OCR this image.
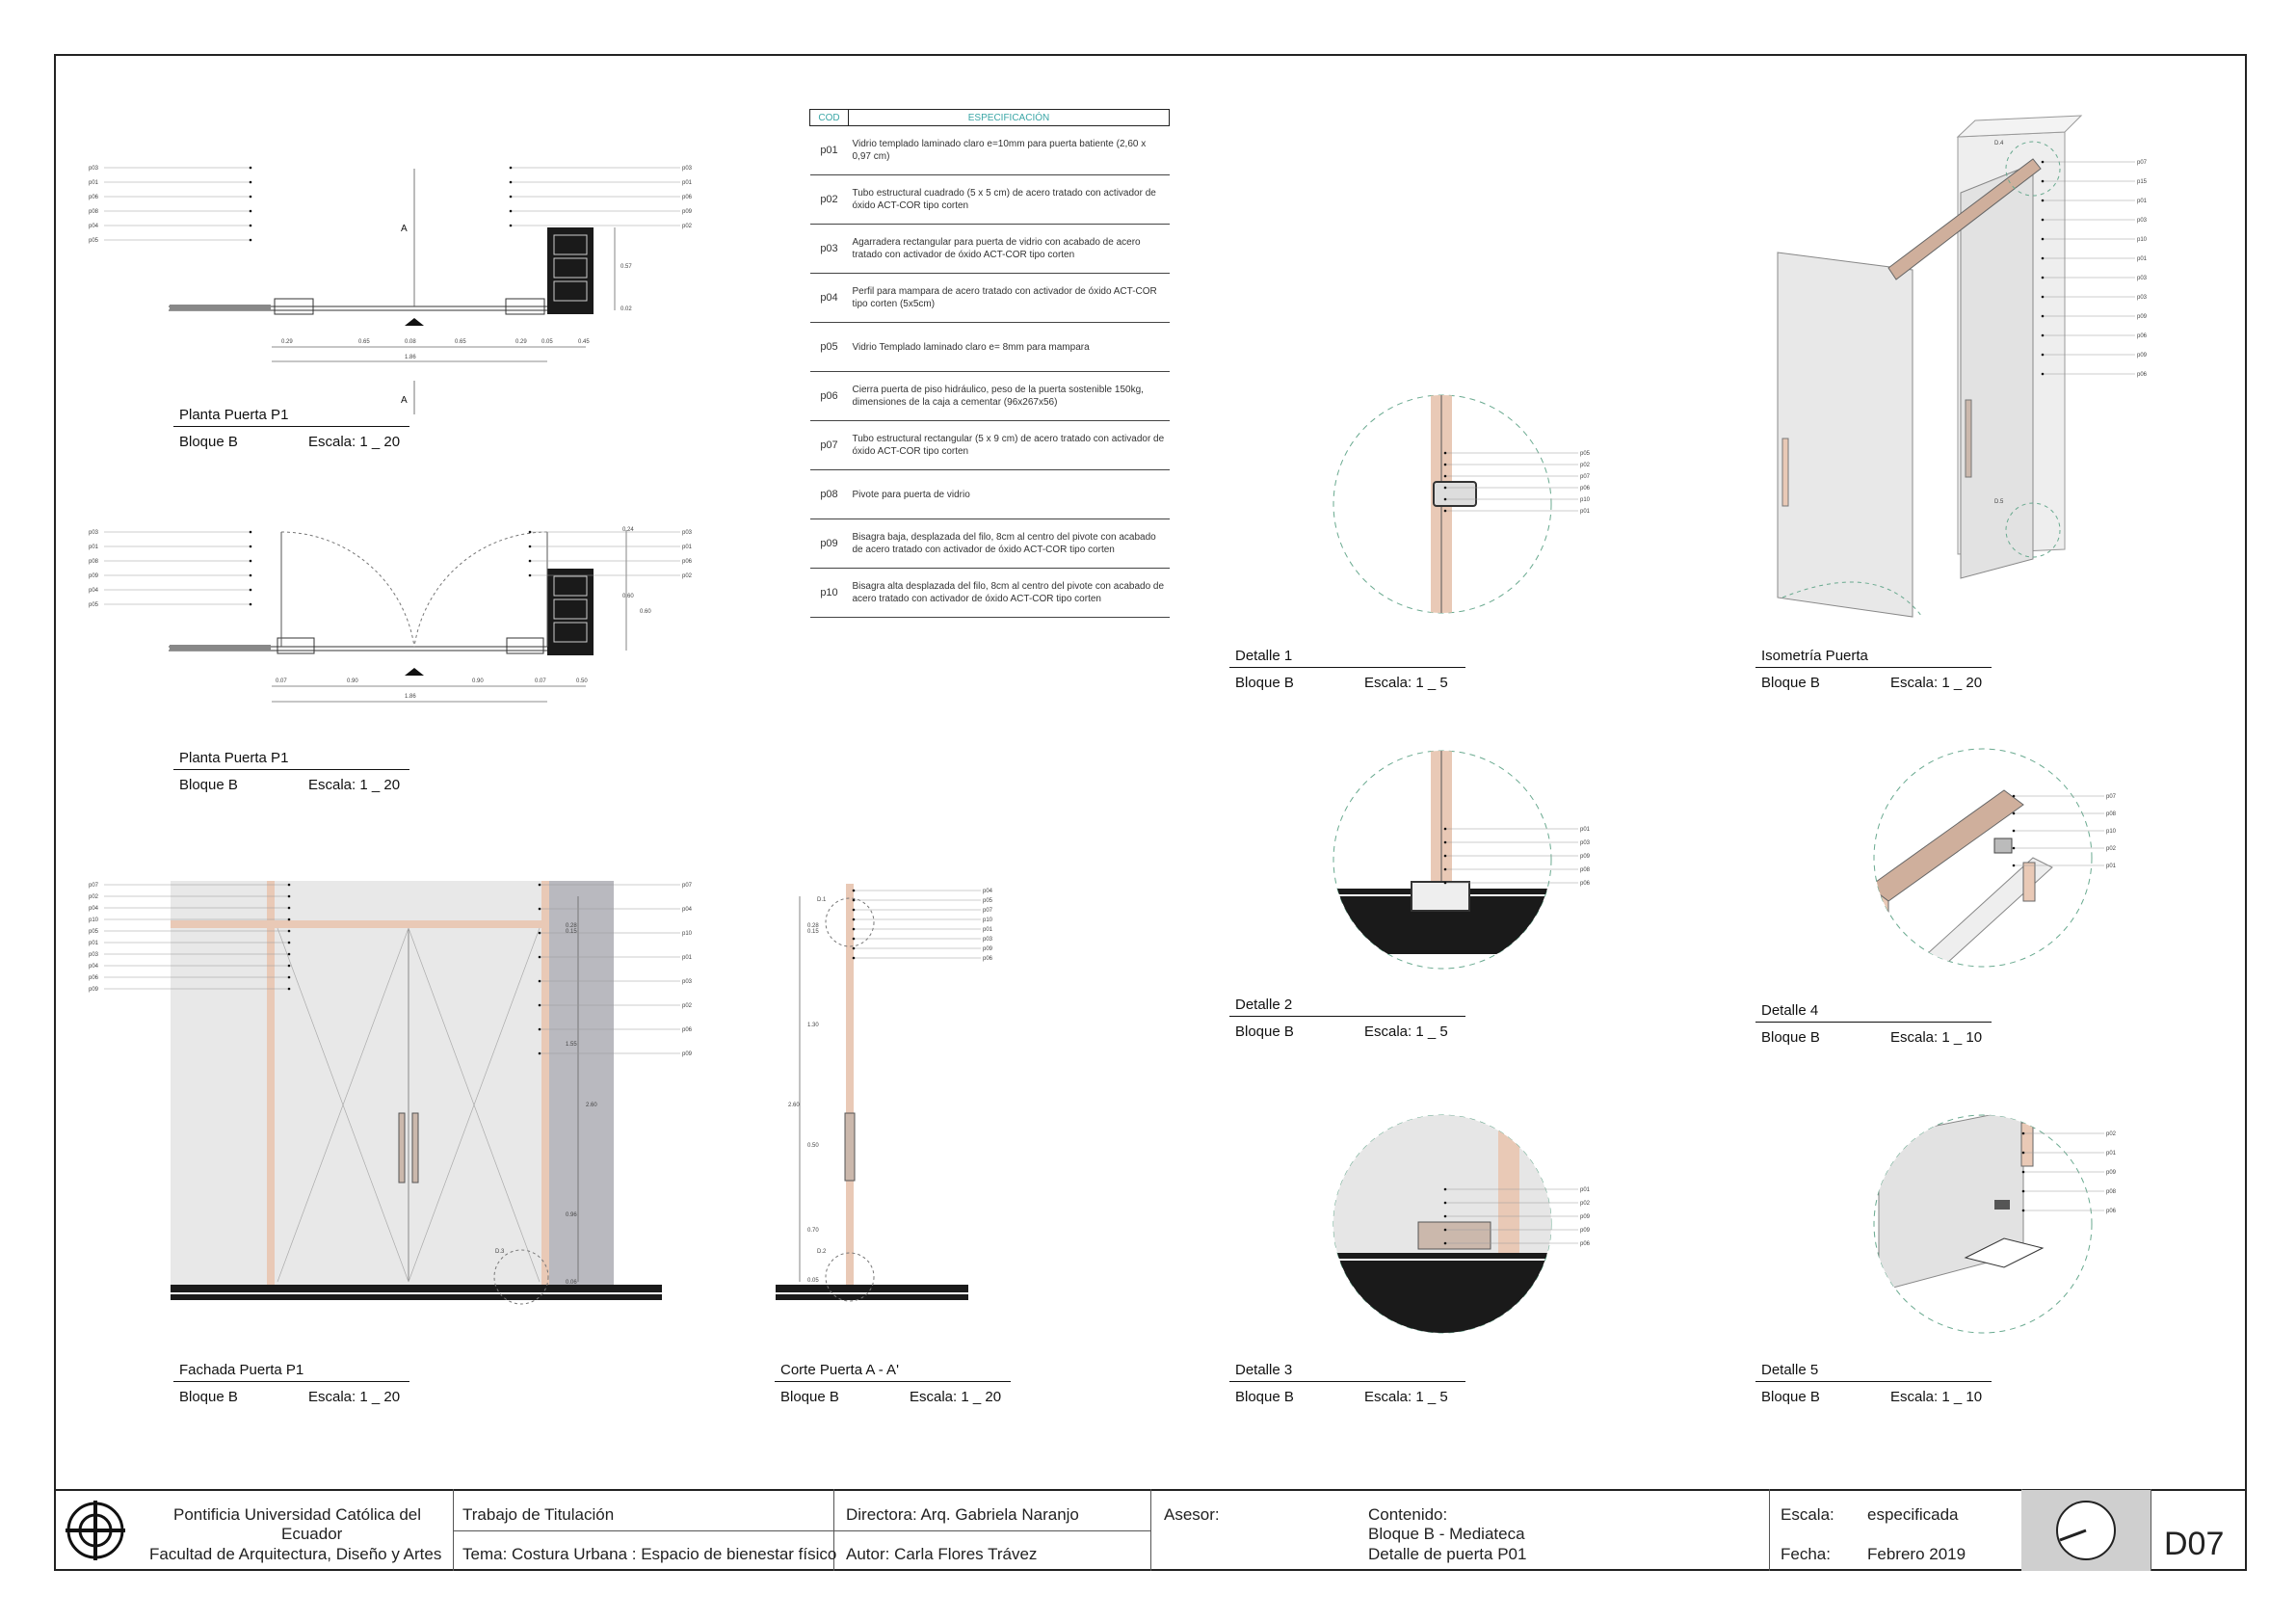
p03
p01
p06
p08
p04
p05
p03
p01
p06
p09
p02
p03
p01
p08
p09
p04
p05
p03
p01
p06
p02
p07
p02
p04
p10
p05
p01
p03
p04
p06
p09
p07
p04
p10
p01
p03
p02
p06
p09
p04
p05
p07
p10
p01
p03
p09
p06
p05
p02
p07
p06
p10
p01
p01
p03
p09
p08
p06
p01
p02
p09
p09
p06
p07
p15
p01
p03
p10
p01
p03
p03
p09
p06
p09
p06
p07
p08
p10
p02
p01
p02
p01
p09
p08
p06
0.29	0.65	0.08	0.65	0.29	0.05	0.45
1.86
0.57
0.02
0.07	0.90	0.90	0.07	0.50
1.86
0.24
0.60
0.60
0.28
0.15
1.55
2.60
0.96
0.06
0.28
0.15
1.30
2.60
0.50
0.70
0.05
D.3
D.1
D.2
D.4
D.5
A
A
COD	ESPECIFICACIÓN
p01	Vidrio templado laminado claro e=10mm para puerta batiente (2,60 x 0,97 cm)
p02	Tubo estructural cuadrado (5 x 5 cm) de acero tratado con activador de óxido ACT-COR tipo corten
p03	Agarradera rectangular para puerta de vidrio con acabado de acero tratado con activador de óxido ACT-COR tipo corten
p04	Perfil para mampara de acero tratado con activador de óxido ACT-COR tipo corten (5x5cm)
p05	Vidrio Templado laminado claro e= 8mm para mampara
p06	Cierra puerta de piso hidráulico, peso de la puerta sostenible 150kg, dimensiones de la caja a cementar (96x267x56)
p07	Tubo estructural rectangular (5 x 9 cm) de acero tratado con activador de óxido ACT-COR tipo corten
p08	Pivote para puerta de vidrio
p09	Bisagra baja, desplazada del filo, 8cm al centro del pivote con acabado de acero tratado con activador de óxido ACT-COR tipo corten
p10	Bisagra alta desplazada del filo, 8cm al centro del pivote con acabado de acero tratado con activador de óxido ACT-COR tipo corten
Planta Puerta P1
Bloque B	Escala: 1 _ 20
Planta Puerta P1
Bloque B	Escala: 1 _ 20
Fachada Puerta P1
Bloque B	Escala: 1 _ 20
Corte Puerta A - A'
Bloque B	Escala: 1 _ 20
Detalle 1
Bloque B	Escala: 1 _ 5
Detalle 2
Bloque B	Escala: 1 _ 5
Detalle 3
Bloque B	Escala: 1 _ 5
Isometría Puerta
Bloque B	Escala: 1 _ 20
Detalle 4
Bloque B	Escala: 1 _ 10
Detalle 5
Bloque B	Escala: 1 _ 10
Pontificia Universidad Católica del
Ecuador
Facultad de Arquitectura, Diseño y Artes
Trabajo de Titulación
Tema: Costura Urbana : Espacio de bienestar físico
Directora: Arq. Gabriela Naranjo
Autor: Carla Flores Trávez
Asesor:	Contenido:
Bloque B - Mediateca
Detalle de puerta P01
Escala: especificada
Fecha: Febrero 2019	D07
